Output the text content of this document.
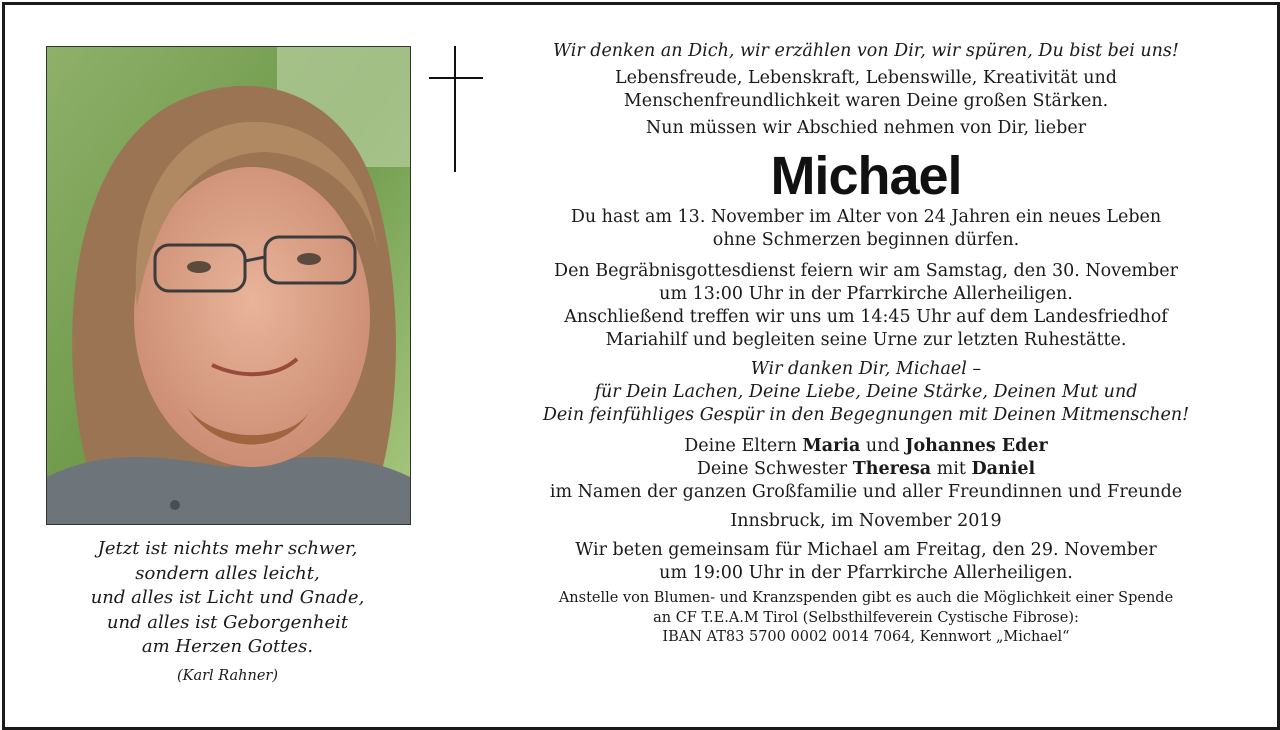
Jetzt ist nichts mehr schwer,
sondern alles leicht,
und alles ist Licht und Gnade,
und alles ist Geborgenheit
am Herzen Gottes.
(Karl Rahner)
Wir denken an Dich, wir erzählen von Dir, wir spüren, Du bist bei uns!
Lebensfreude, Lebenskraft, Lebenswille, Kreativität und
Menschenfreundlichkeit waren Deine großen Stärken.
Nun müssen wir Abschied nehmen von Dir, lieber
Michael
Du hast am 13. November im Alter von 24 Jahren ein neues Leben
ohne Schmerzen beginnen dürfen.
Den Begräbnisgottesdienst feiern wir am Samstag, den 30. November
um 13:00 Uhr in der Pfarrkirche Allerheiligen.
Anschließend treffen wir uns um 14:45 Uhr auf dem Landesfriedhof
Mariahilf und begleiten seine Urne zur letzten Ruhestätte.
Wir danken Dir, Michael –
für Dein Lachen, Deine Liebe, Deine Stärke, Deinen Mut und
Dein feinfühliges Gespür in den Begegnungen mit Deinen Mitmenschen!
Deine Eltern Maria und Johannes Eder
Deine Schwester Theresa mit Daniel
im Namen der ganzen Großfamilie und aller Freundinnen und Freunde
Innsbruck, im November 2019
Wir beten gemeinsam für Michael am Freitag, den 29. November
um 19:00 Uhr in der Pfarrkirche Allerheiligen.
Anstelle von Blumen- und Kranzspenden gibt es auch die Möglichkeit einer Spende
an CF T.E.A.M Tirol (Selbsthilfeverein Cystische Fibrose):
IBAN AT83 5700 0002 0014 7064, Kennwort „Michael“
